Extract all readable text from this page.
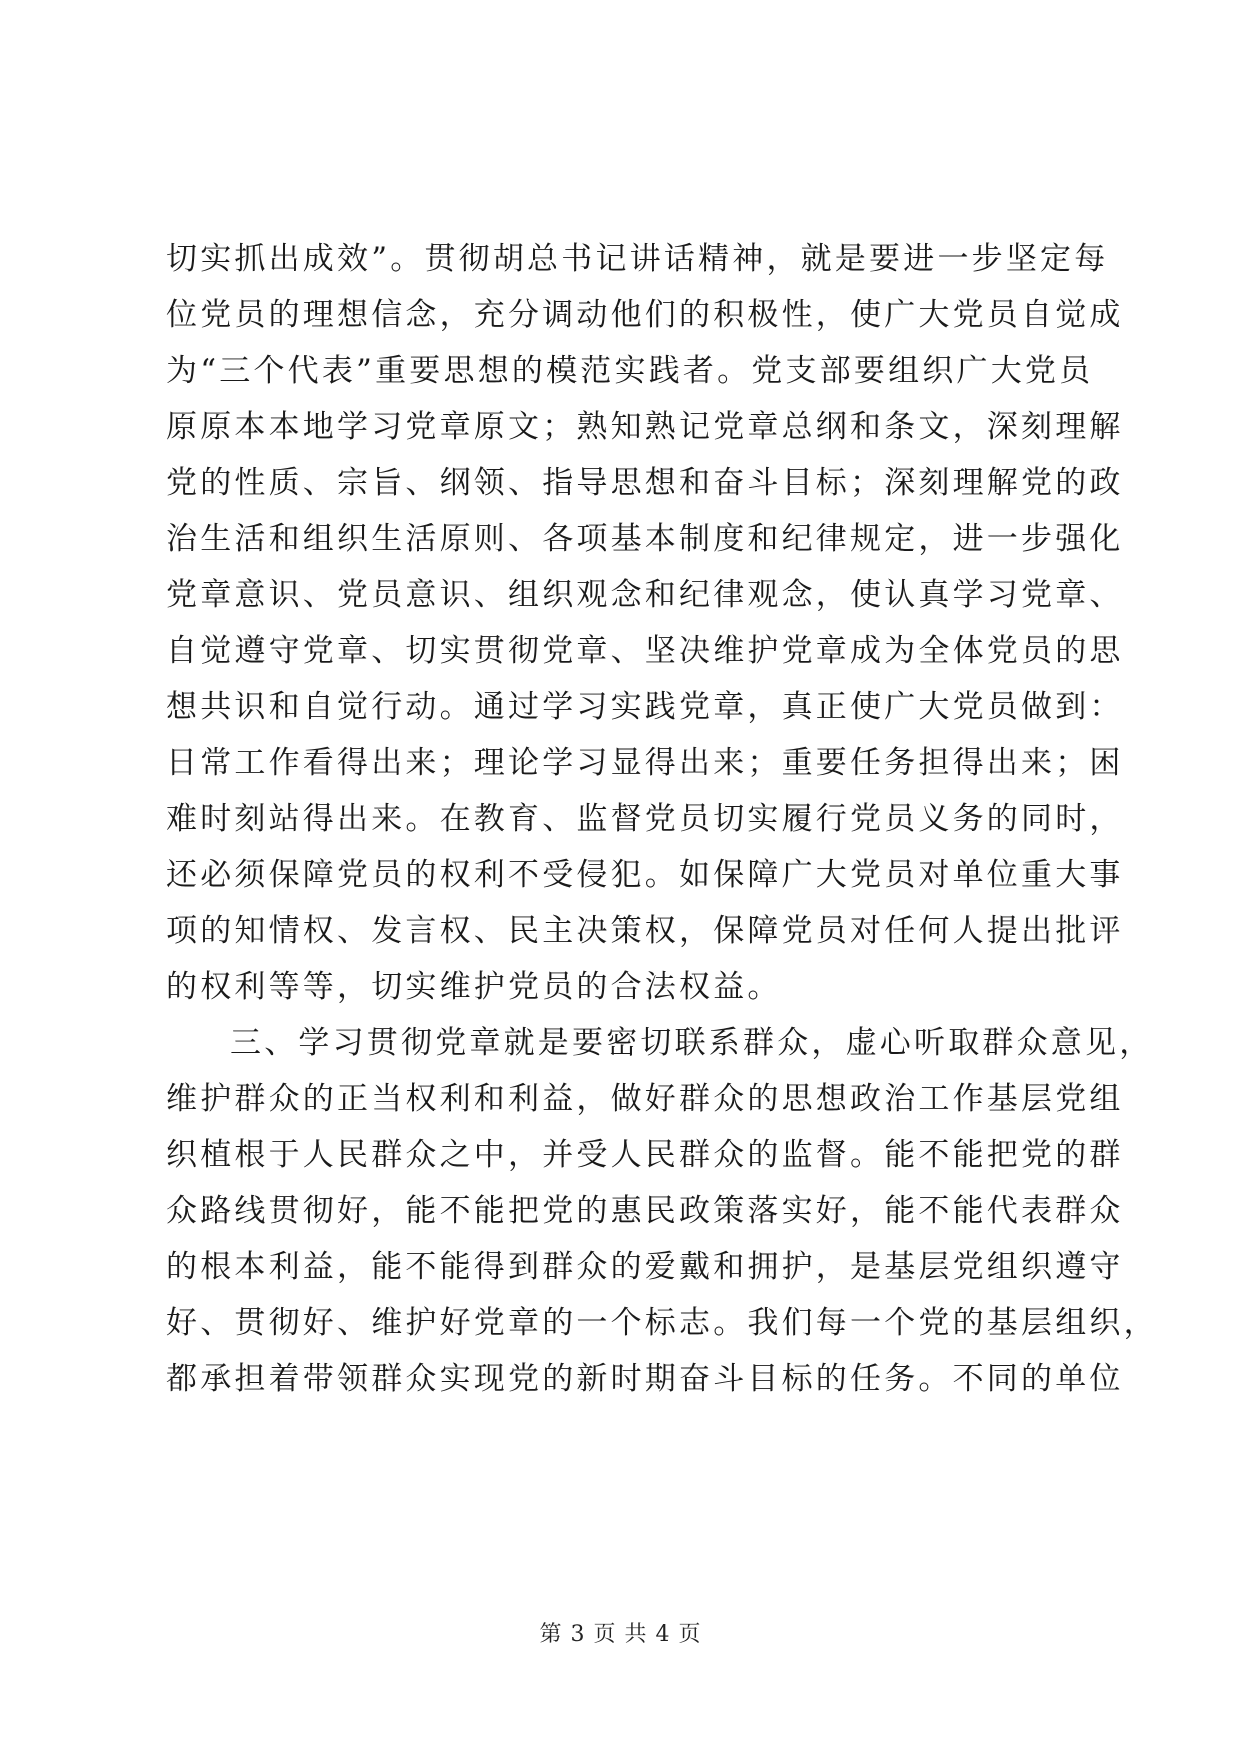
切实抓出成效”。贯彻胡总书记讲话精神，就是要进一步坚定每
位党员的理想信念，充分调动他们的积极性，使广大党员自觉成
为“三个代表”重要思想的模范实践者。党支部要组织广大党员
原原本本地学习党章原文；熟知熟记党章总纲和条文，深刻理解
党的性质、宗旨、纲领、指导思想和奋斗目标；深刻理解党的政
治生活和组织生活原则、各项基本制度和纪律规定，进一步强化
党章意识、党员意识、组织观念和纪律观念，使认真学习党章、
自觉遵守党章、切实贯彻党章、坚决维护党章成为全体党员的思
想共识和自觉行动。通过学习实践党章，真正使广大党员做到：
日常工作看得出来；理论学习显得出来；重要任务担得出来；困
难时刻站得出来。在教育、监督党员切实履行党员义务的同时，
还必须保障党员的权利不受侵犯。如保障广大党员对单位重大事
项的知情权、发言权、民主决策权，保障党员对任何人提出批评
的权利等等，切实维护党员的合法权益。
三、学习贯彻党章就是要密切联系群众，虚心听取群众意见，
维护群众的正当权利和利益，做好群众的思想政治工作基层党组
织植根于人民群众之中，并受人民群众的监督。能不能把党的群
众路线贯彻好，能不能把党的惠民政策落实好，能不能代表群众
的根本利益，能不能得到群众的爱戴和拥护，是基层党组织遵守
好、贯彻好、维护好党章的一个标志。我们每一个党的基层组织，
都承担着带领群众实现党的新时期奋斗目标的任务。不同的单位
第 3 页 共 4 页
